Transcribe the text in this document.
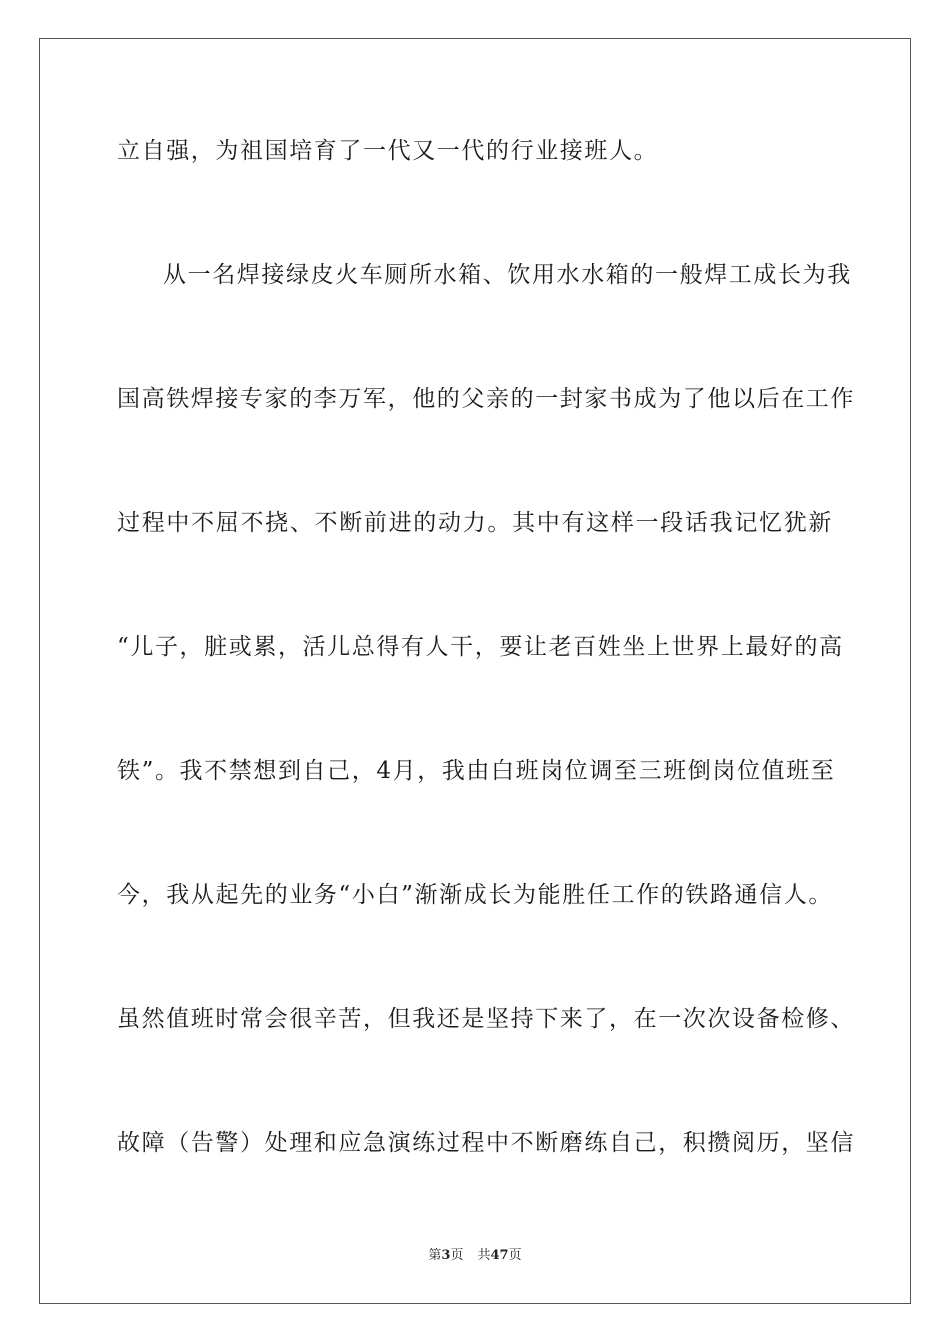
立自强，为祖国培育了一代又一代的行业接班人。
从一名焊接绿皮火车厕所水箱、饮用水水箱的一般焊工成长为我
国高铁焊接专家的李万军，他的父亲的一封家书成为了他以后在工作
过程中不屈不挠、不断前进的动力。其中有这样一段话我记忆犹新
“儿子，脏或累，活儿总得有人干，要让老百姓坐上世界上最好的高
铁”。我不禁想到自己，4月，我由白班岗位调至三班倒岗位值班至
今，我从起先的业务“小白”渐渐成长为能胜任工作的铁路通信人。
虽然值班时常会很辛苦，但我还是坚持下来了，在一次次设备检修、
故障（告警）处理和应急演练过程中不断磨练自己，积攒阅历，坚信
第3页 共47页
